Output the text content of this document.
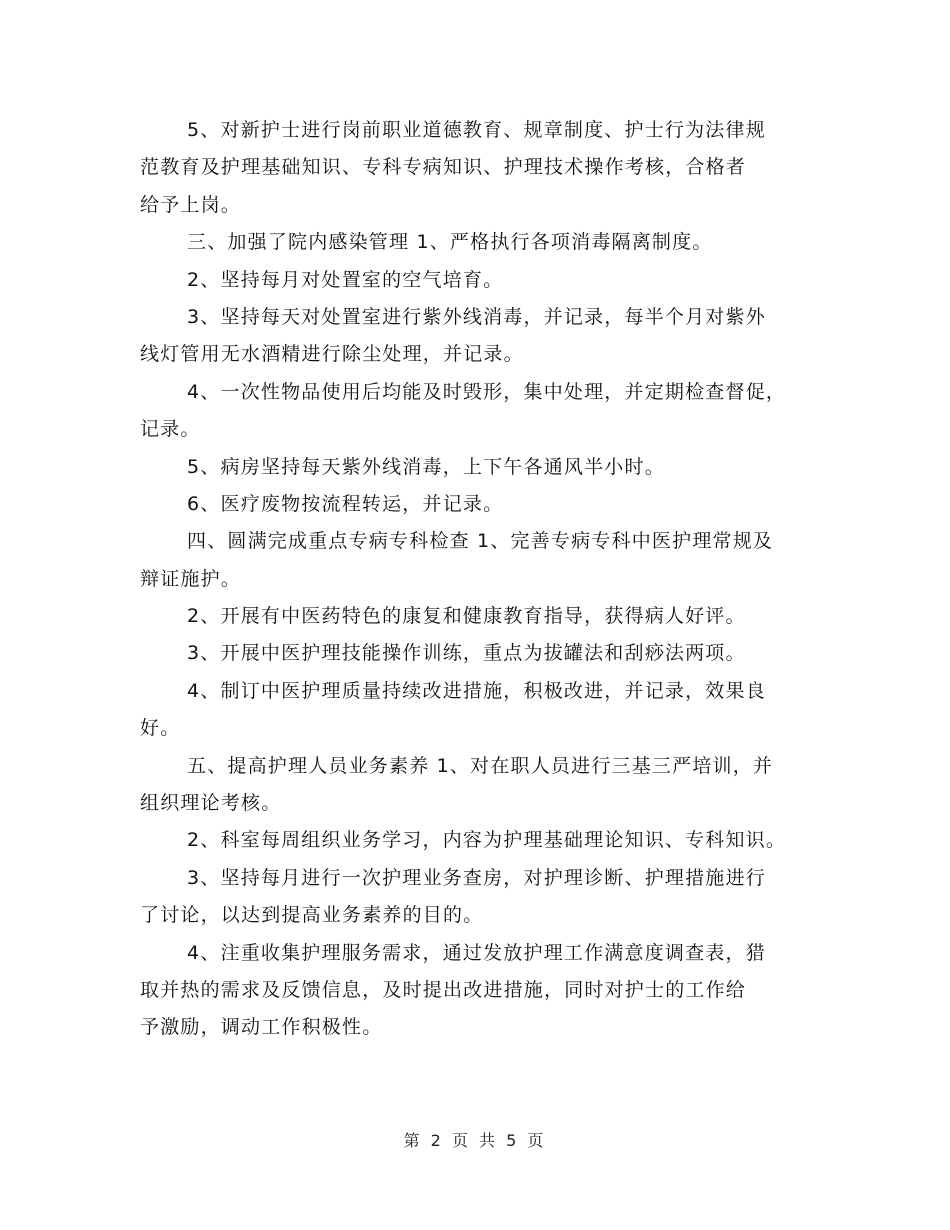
5、对新护士进行岗前职业道德教育、规章制度、护士行为法律规
范教育及护理基础知识、专科专病知识、护理技术操作考核，合格者
给予上岗。
三、加强了院内感染管理 1、严格执行各项消毒隔离制度。
2、坚持每月对处置室的空气培育。
3、坚持每天对处置室进行紫外线消毒，并记录，每半个月对紫外
线灯管用无水酒精进行除尘处理，并记录。
4、一次性物品使用后均能及时毁形，集中处理，并定期检查督促，
记录。
5、病房坚持每天紫外线消毒，上下午各通风半小时。
6、医疗废物按流程转运，并记录。
四、圆满完成重点专病专科检查 1、完善专病专科中医护理常规及
辩证施护。
2、开展有中医药特色的康复和健康教育指导，获得病人好评。
3、开展中医护理技能操作训练，重点为拔罐法和刮痧法两项。
4、制订中医护理质量持续改进措施，积极改进，并记录，效果良
好。
五、提高护理人员业务素养 1、对在职人员进行三基三严培训，并
组织理论考核。
2、科室每周组织业务学习，内容为护理基础理论知识、专科知识。
3、坚持每月进行一次护理业务查房，对护理诊断、护理措施进行
了讨论，以达到提高业务素养的目的。
4、注重收集护理服务需求，通过发放护理工作满意度调查表，猎
取并热的需求及反馈信息，及时提出改进措施，同时对护士的工作给
予激励，调动工作积极性。
第 2 页 共 5 页
